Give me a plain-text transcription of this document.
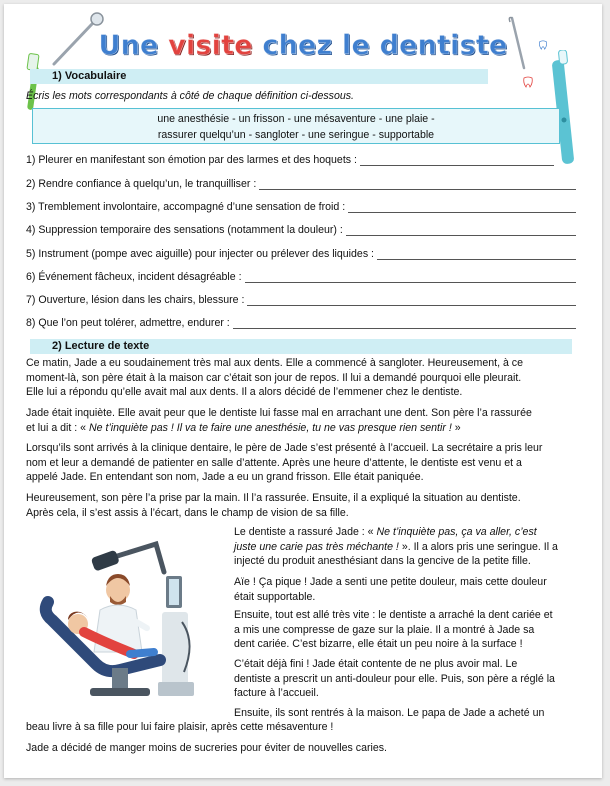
Une visite chez le dentiste
1) Vocabulaire
Écris les mots correspondants à côté de chaque définition ci-dessous.
une anesthésie - un frisson - une mésaventure - une plaie -
rassurer quelqu’un - sangloter - une seringue - supportable
1) Pleurer en manifestant son émotion par des larmes et des hoquets :
2) Rendre confiance à quelqu’un, le tranquilliser :
3) Tremblement involontaire, accompagné d’une sensation de froid :
4) Suppression temporaire des sensations (notamment la douleur) :
5) Instrument (pompe avec aiguille) pour injecter ou prélever des liquides :
6) Événement fâcheux, incident désagréable :
7) Ouverture, lésion dans les chairs, blessure :
8) Que l’on peut tolérer, admettre, endurer :
2) Lecture de texte
Ce matin, Jade a eu soudainement très mal aux dents. Elle a commencé à sangloter. Heureusement, à ce
moment-là, son père était à la maison car c’était son jour de repos. Il lui a demandé pourquoi elle pleurait.
Elle lui a répondu qu’elle avait mal aux dents. Il a alors décidé de l’emmener chez le dentiste.
Jade était inquiète. Elle avait peur que le dentiste lui fasse mal en arrachant une dent. Son père l’a rassurée
et lui a dit : « Ne t’inquiète pas ! Il va te faire une anesthésie, tu ne vas presque rien sentir ! »
Lorsqu’ils sont arrivés à la clinique dentaire, le père de Jade s’est présenté à l’accueil. La secrétaire a pris leur
nom et leur a demandé de patienter en salle d’attente. Après une heure d’attente, le dentiste est venu et a
appelé Jade. En entendant son nom, Jade a eu un grand frisson. Elle était paniquée.
Heureusement, son père l’a prise par la main. Il l’a rassurée. Ensuite, il a expliqué la situation au dentiste.
Après cela, il s’est assis à l’écart, dans le champ de vision de sa fille.
Le dentiste a rassuré Jade : « Ne t’inquiète pas, ça va aller, c’est
juste une carie pas très méchante ! ». Il a alors pris une seringue. Il a
injecté du produit anesthésiant dans la gencive de la petite fille.
Aïe ! Ça pique ! Jade a senti une petite douleur, mais cette douleur
était supportable.
Ensuite, tout est allé très vite : le dentiste a arraché la dent cariée et
a mis une compresse de gaze sur la plaie. Il a montré à Jade sa
dent cariée. C’est bizarre, elle était un peu noire à la surface !
C’était déjà fini ! Jade était contente de ne plus avoir mal. Le
dentiste a prescrit un anti-douleur pour elle. Puis, son père a réglé la
facture à l’accueil.
Ensuite, ils sont rentrés à la maison. Le papa de Jade a acheté un
beau livre à sa fille pour lui faire plaisir, après cette mésaventure !
Jade a décidé de manger moins de sucreries pour éviter de nouvelles caries.
